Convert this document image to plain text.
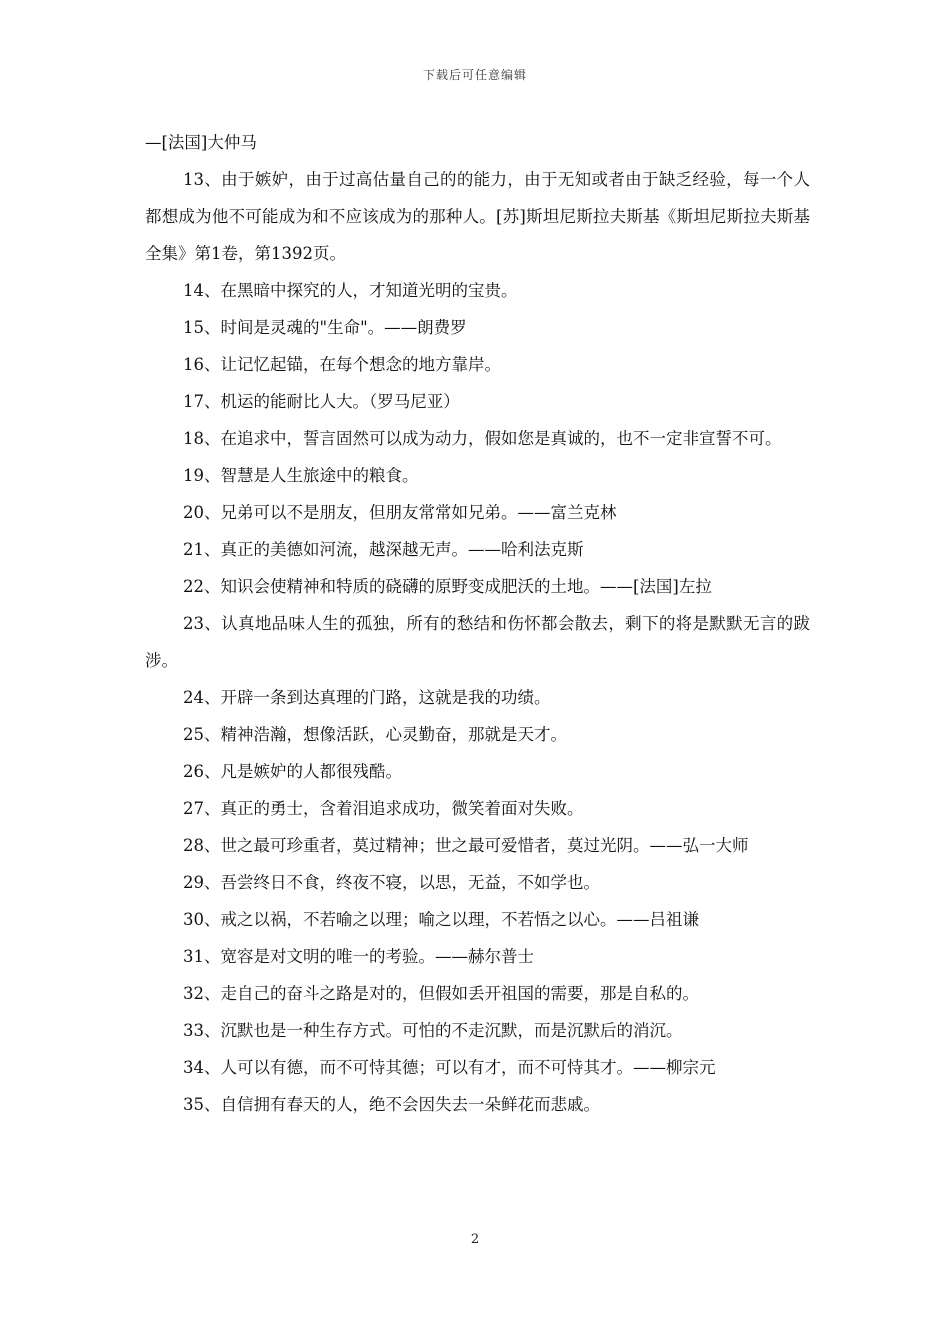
下载后可任意编辑

—[法国]大仲马

13、由于嫉妒，由于过高估量自己的的能力，由于无知或者由于缺乏经验，每一个人都想成为他不可能成为和不应该成为的那种人。[苏]斯坦尼斯拉夫斯基《斯坦尼斯拉夫斯基全集》第1卷，第1392页。

14、在黑暗中探究的人，才知道光明的宝贵。

15、时间是灵魂的"生命"。——朗费罗

16、让记忆起锚，在每个想念的地方靠岸。

17、机运的能耐比人大。（罗马尼亚）

18、在追求中，誓言固然可以成为动力，假如您是真诚的，也不一定非宣誓不可。

19、智慧是人生旅途中的粮食。

20、兄弟可以不是朋友，但朋友常常如兄弟。——富兰克林

21、真正的美德如河流，越深越无声。——哈利法克斯

22、知识会使精神和特质的硗礴的原野变成肥沃的土地。——[法国]左拉

23、认真地品味人生的孤独，所有的愁结和伤怀都会散去，剩下的将是默默无言的跋涉。

24、开辟一条到达真理的门路，这就是我的功绩。

25、精神浩瀚，想像活跃，心灵勤奋，那就是天才。

26、凡是嫉妒的人都很残酷。

27、真正的勇士，含着泪追求成功，微笑着面对失败。

28、世之最可珍重者，莫过精神；世之最可爱惜者，莫过光阴。——弘一大师

29、吾尝终日不食，终夜不寝，以思，无益，不如学也。

30、戒之以祸，不若喻之以理；喻之以理，不若悟之以心。——吕祖谦

31、宽容是对文明的唯一的考验。——赫尔普士

32、走自己的奋斗之路是对的，但假如丢开祖国的需要，那是自私的。

33、沉默也是一种生存方式。可怕的不走沉默，而是沉默后的消沉。

34、人可以有德，而不可恃其德；可以有才，而不可恃其才。——柳宗元

35、自信拥有春天的人，绝不会因失去一朵鲜花而悲戚。

2
